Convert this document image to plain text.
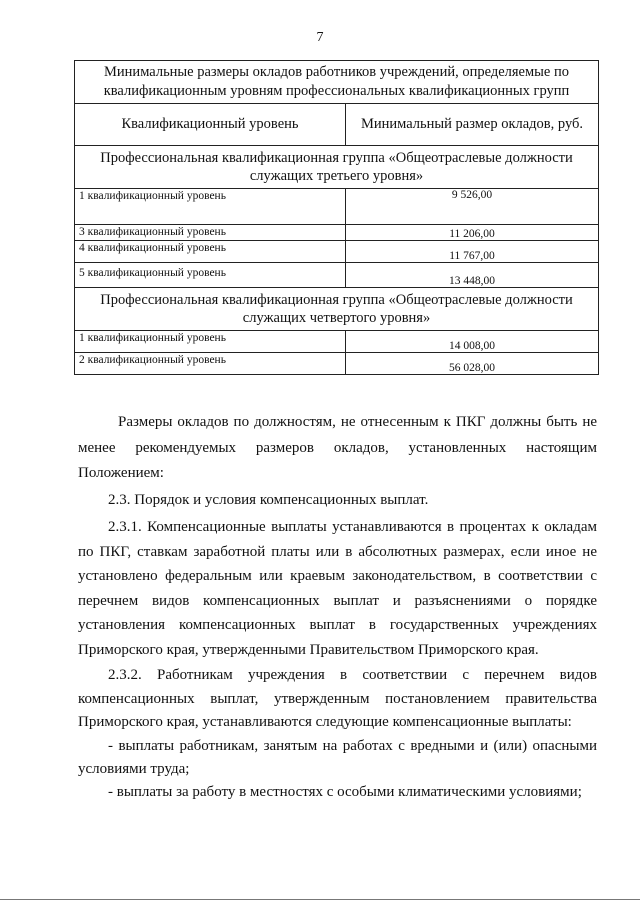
7
Минимальные размеры окладов работников учреждений, определяемые по квалификационным уровням профессиональных квалификационных групп	
Квалификационный уровень	Минимальный размер окладов, руб.
Профессиональная квалификационная группа «Общеотраслевые должности служащих третьего уровня»	
1 квалификационный уровень	9 526,00
3 квалификационный уровень	11 206,00
4 квалификационный уровень	11 767,00
5 квалификационный уровень	13 448,00
Профессиональная квалификационная группа «Общеотраслевые должности служащих четвертого уровня»	
1 квалификационный уровень	14 008,00
2 квалификационный уровень	56 028,00

Размеры окладов по должностям, не отнесенным к ПКГ должны быть не

менее рекомендуемых размеров окладов, установленных настоящим

Положением:

2.3. Порядок и условия компенсационных выплат.

2.3.1. Компенсационные выплаты устанавливаются в процентах к окладам по ПКГ, ставкам заработной платы или в абсолютных размерах, если иное не установлено федеральным или краевым законодательством, в соответствии с перечнем видов компенсационных выплат и разъяснениями о порядке установления компенсационных выплат в государственных учреждениях Приморского края, утвержденными Правительством Приморского края.

2.3.2. Работникам учреждения в соответствии с перечнем видов компенсационных выплат, утвержденным постановлением правительства Приморского края, устанавливаются следующие компенсационные выплаты:

- выплаты работникам, занятым на работах с вредными и (или) опасными условиями труда;

- выплаты за работу в местностях с особыми климатическими условиями;
